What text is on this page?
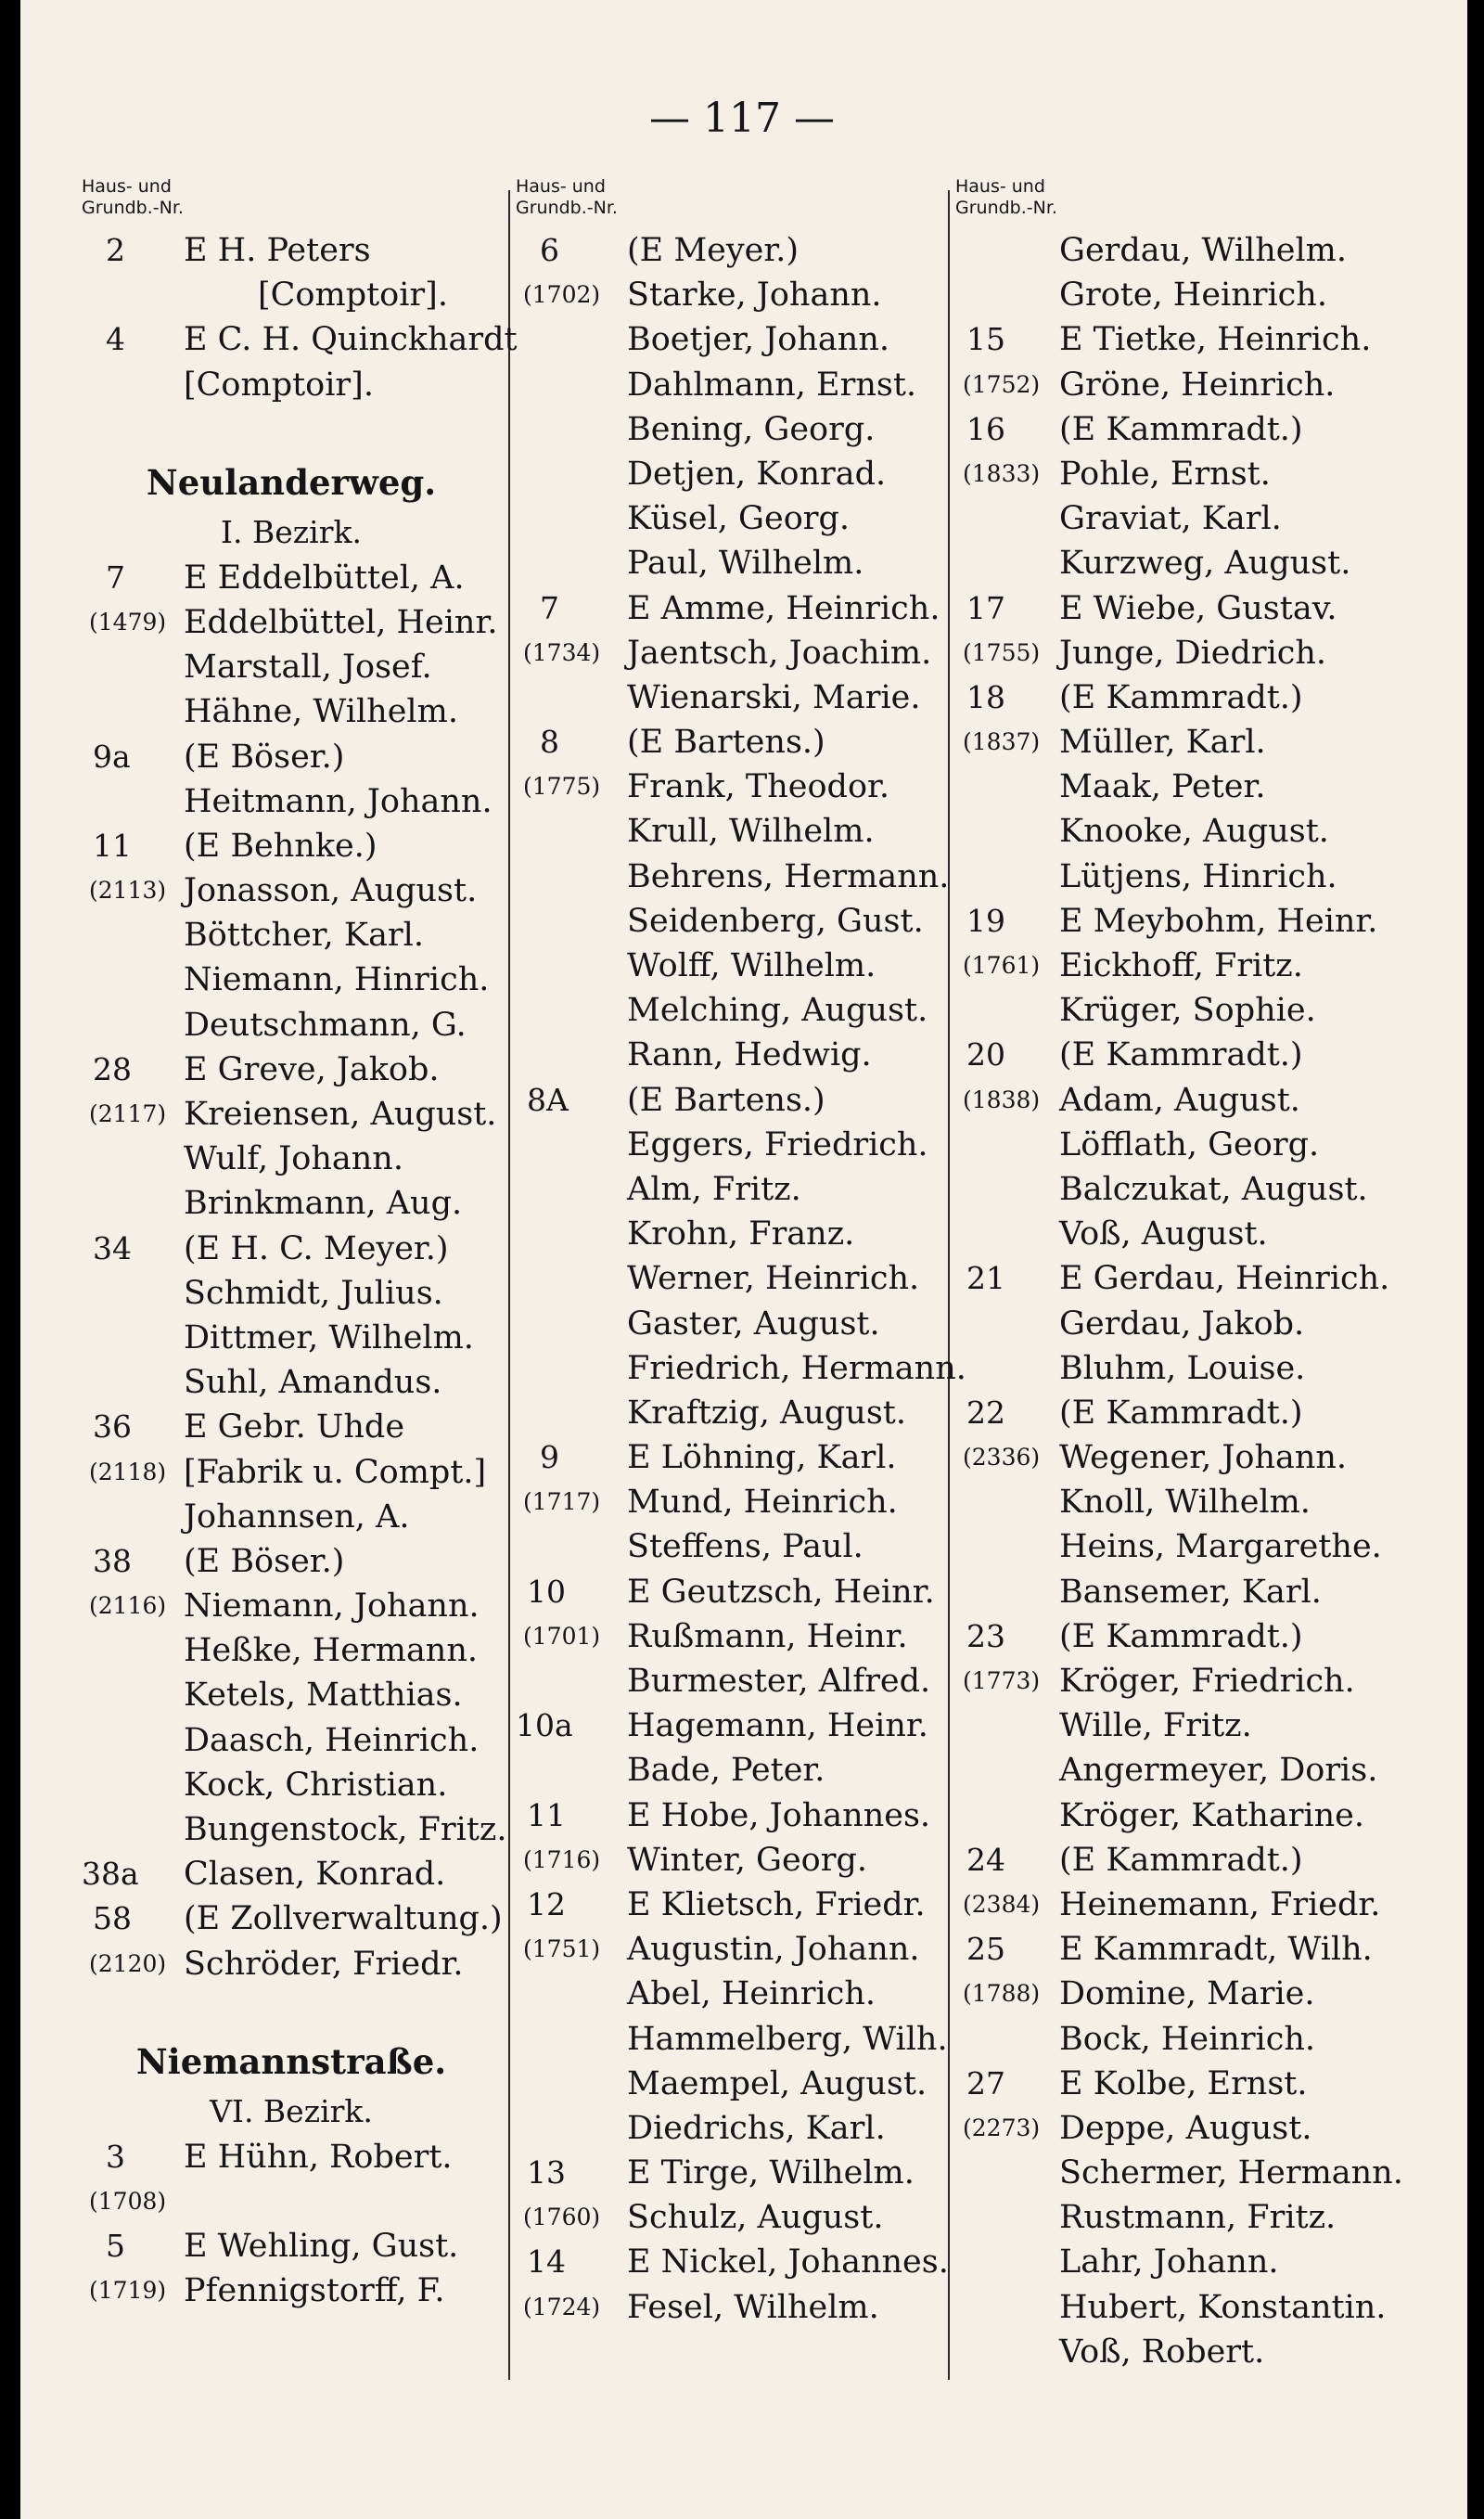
— 117 —
Haus- und
Grundb.-Nr.
2 E H. Peters
[Comptoir].
4 E C. H. Quinckhardt
[Comptoir].
Neulanderweg.
I. Bezirk.
7 E Eddelbüttel, A.
(1479) Eddelbüttel, Heinr.
Marstall, Josef.
Hähne, Wilhelm.
9a (E Böser.)
Heitmann, Johann.
11 (E Behnke.)
(2113) Jonasson, August.
Böttcher, Karl.
Niemann, Hinrich.
Deutschmann, G.
28 E Greve, Jakob.
(2117) Kreiensen, August.
Wulf, Johann.
Brinkmann, Aug.
34 (E H. C. Meyer.)
Schmidt, Julius.
Dittmer, Wilhelm.
Suhl, Amandus.
36 E Gebr. Uhde
(2118) [Fabrik u. Compt.]
Johannsen, A.
38 (E Böser.)
(2116) Niemann, Johann.
Heßke, Hermann.
Ketels, Matthias.
Daasch, Heinrich.
Kock, Christian.
Bungenstock, Fritz.
38a Clasen, Konrad.
58 (E Zollverwaltung.)
(2120) Schröder, Friedr.
Niemannstraße.
VI. Bezirk.
3 E Hühn, Robert.
(1708)
5 E Wehling, Gust.
(1719) Pfennigstorff, F.
Haus- und
Grundb.-Nr.
6 (E Meyer.)
(1702) Starke, Johann.
Boetjer, Johann.
Dahlmann, Ernst.
Bening, Georg.
Detjen, Konrad.
Küsel, Georg.
Paul, Wilhelm.
7 E Amme, Heinrich.
(1734) Jaentsch, Joachim.
Wienarski, Marie.
8 (E Bartens.)
(1775) Frank, Theodor.
Krull, Wilhelm.
Behrens, Hermann.
Seidenberg, Gust.
Wolff, Wilhelm.
Melching, August.
Rann, Hedwig.
8A (E Bartens.)
Eggers, Friedrich.
Alm, Fritz.
Krohn, Franz.
Werner, Heinrich.
Gaster, August.
Friedrich, Hermann.
Kraftzig, August.
9 E Löhning, Karl.
(1717) Mund, Heinrich.
Steffens, Paul.
10 E Geutzsch, Heinr.
(1701) Rußmann, Heinr.
Burmester, Alfred.
10a Hagemann, Heinr.
Bade, Peter.
11 E Hobe, Johannes.
(1716) Winter, Georg.
12 E Klietsch, Friedr.
(1751) Augustin, Johann.
Abel, Heinrich.
Hammelberg, Wilh.
Maempel, August.
Diedrichs, Karl.
13 E Tirge, Wilhelm.
(1760) Schulz, August.
14 E Nickel, Johannes.
(1724) Fesel, Wilhelm.
Haus- und
Grundb.-Nr.
Gerdau, Wilhelm.
Grote, Heinrich.
15 E Tietke, Heinrich.
(1752) Gröne, Heinrich.
16 (E Kammradt.)
(1833) Pohle, Ernst.
Graviat, Karl.
Kurzweg, August.
17 E Wiebe, Gustav.
(1755) Junge, Diedrich.
18 (E Kammradt.)
(1837) Müller, Karl.
Maak, Peter.
Knooke, August.
Lütjens, Hinrich.
19 E Meybohm, Heinr.
(1761) Eickhoff, Fritz.
Krüger, Sophie.
20 (E Kammradt.)
(1838) Adam, August.
Löfflath, Georg.
Balczukat, August.
Voß, August.
21 E Gerdau, Heinrich.
Gerdau, Jakob.
Bluhm, Louise.
22 (E Kammradt.)
(2336) Wegener, Johann.
Knoll, Wilhelm.
Heins, Margarethe.
Bansemer, Karl.
23 (E Kammradt.)
(1773) Kröger, Friedrich.
Wille, Fritz.
Angermeyer, Doris.
Kröger, Katharine.
24 (E Kammradt.)
(2384) Heinemann, Friedr.
25 E Kammradt, Wilh.
(1788) Domine, Marie.
Bock, Heinrich.
27 E Kolbe, Ernst.
(2273) Deppe, August.
Schermer, Hermann.
Rustmann, Fritz.
Lahr, Johann.
Hubert, Konstantin.
Voß, Robert.
